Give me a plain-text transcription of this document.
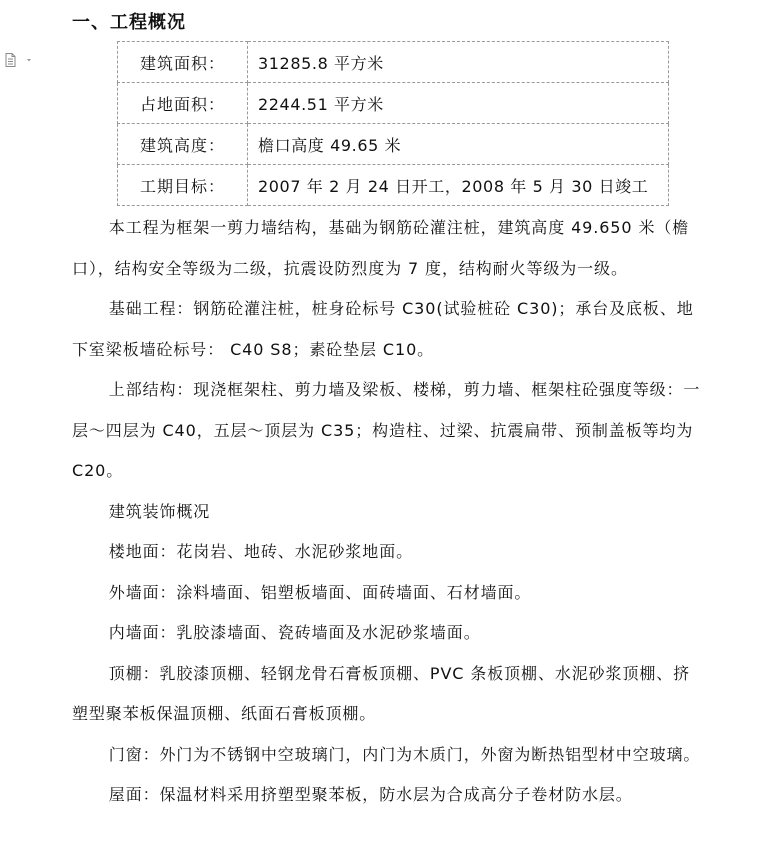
一、工程概况
建筑面积：	31285.8 平方米
占地面积：	2244.51 平方米
建筑高度：	檐口高度 49.65 米
工期目标：	2007 年 2 月 24 日开工，2008 年 5 月 30 日竣工

本工程为框架一剪力墙结构，基础为钢筋砼灌注桩，建筑高度 49.650 米（檐口），结构安全等级为二级，抗震设防烈度为 7 度，结构耐火等级为一级。

基础工程：钢筋砼灌注桩，桩身砼标号 C30(试验桩砼 C30)；承台及底板、地下室梁板墙砼标号： C40 S8；素砼垫层 C10。

上部结构：现浇框架柱、剪力墙及梁板、楼梯，剪力墙、框架柱砼强度等级：一层～四层为 C40，五层～顶层为 C35；构造柱、过梁、抗震扁带、预制盖板等均为 C20。

建筑装饰概况

楼地面：花岗岩、地砖、水泥砂浆地面。

外墙面：涂料墙面、铝塑板墙面、面砖墙面、石材墙面。

内墙面：乳胶漆墙面、瓷砖墙面及水泥砂浆墙面。

顶棚：乳胶漆顶棚、轻钢龙骨石膏板顶棚、PVC 条板顶棚、水泥砂浆顶棚、挤塑型聚苯板保温顶棚、纸面石膏板顶棚。

门窗：外门为不锈钢中空玻璃门，内门为木质门，外窗为断热铝型材中空玻璃。

屋面：保温材料采用挤塑型聚苯板，防水层为合成高分子卷材防水层。
